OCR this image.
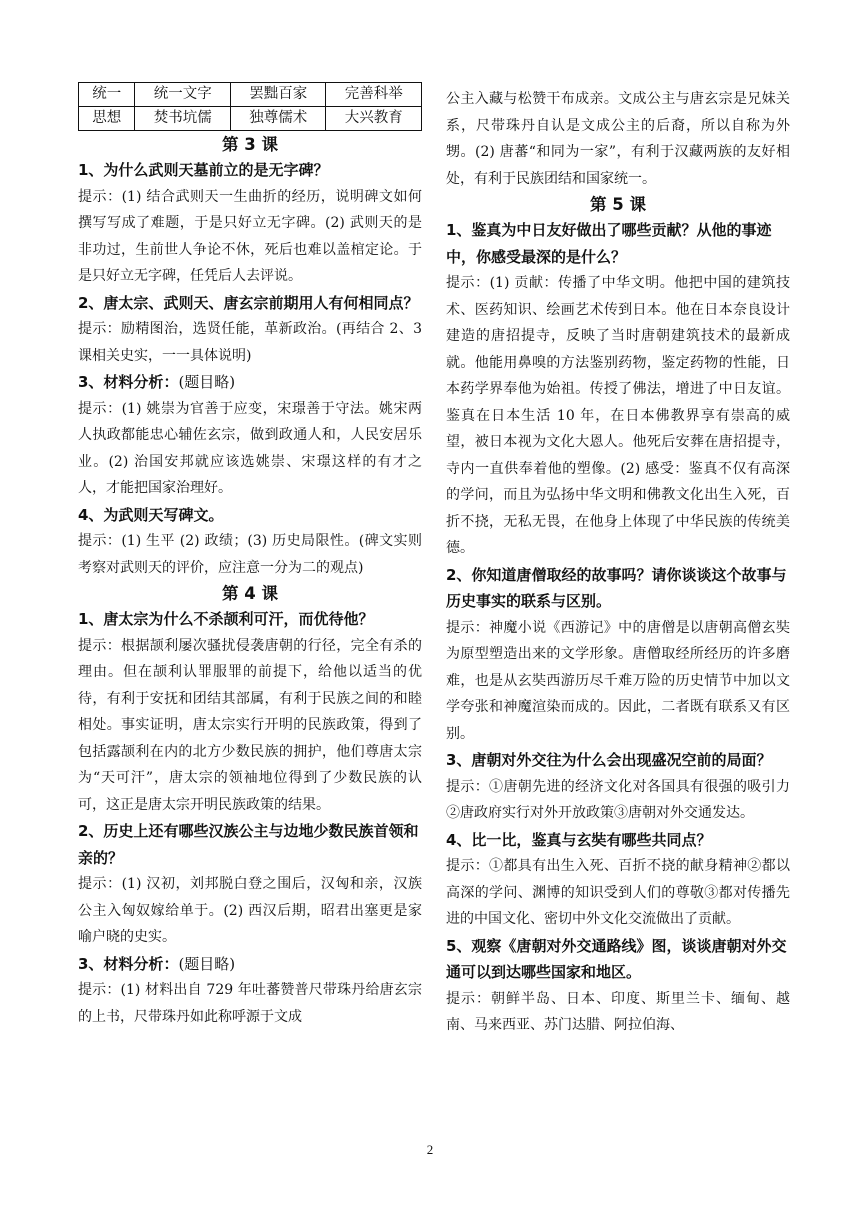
统一	统一文字	罢黜百家	完善科举
思想	焚书坑儒	独尊儒术	大兴教育
第 3 课

1、为什么武则天墓前立的是无字碑？

提示：(1) 结合武则天一生曲折的经历，说明碑文如何撰写写成了难题，于是只好立无字碑。(2) 武则天的是非功过，生前世人争论不休，死后也难以盖棺定论。于是只好立无字碑，任凭后人去评说。

2、唐太宗、武则天、唐玄宗前期用人有何相同点？

提示：励精图治，选贤任能，革新政治。(再结合 2、3 课相关史实，一一具体说明)

3、材料分析：(题目略)

提示：(1) 姚崇为官善于应变，宋璟善于守法。姚宋两人执政都能忠心辅佐玄宗，做到政通人和，人民安居乐业。(2) 治国安邦就应该选姚崇、宋璟这样的有才之人，才能把国家治理好。

4、为武则天写碑文。

提示：(1) 生平 (2) 政绩；(3) 历史局限性。(碑文实则考察对武则天的评价，应注意一分为二的观点)

第 4 课

1、唐太宗为什么不杀颉利可汗，而优待他？

提示：根据颉利屡次骚扰侵袭唐朝的行径，完全有杀的理由。但在颉利认罪服罪的前提下，给他以适当的优待，有利于安抚和团结其部属，有利于民族之间的和睦相处。事实证明，唐太宗实行开明的民族政策，得到了包括露颉利在内的北方少数民族的拥护，他们尊唐太宗为“天可汗”，唐太宗的领袖地位得到了少数民族的认可，这正是唐太宗开明民族政策的结果。

2、历史上还有哪些汉族公主与边地少数民族首领和亲的？

提示：(1) 汉初，刘邦脱白登之围后，汉匈和亲，汉族公主入匈奴嫁给单于。(2) 西汉后期，昭君出塞更是家喻户晓的史实。

3、材料分析：(题目略)

提示：(1) 材料出自 729 年吐蕃赞普尺带珠丹给唐玄宗的上书，尺带珠丹如此称呼源于文成

公主入藏与松赞干布成亲。文成公主与唐玄宗是兄妹关系，尺带珠丹自认是文成公主的后裔，所以自称为外甥。(2) 唐蕃“和同为一家”，有利于汉藏两族的友好相处，有利于民族团结和国家统一。

第 5 课

1、鉴真为中日友好做出了哪些贡献？从他的事迹中，你感受最深的是什么？

提示：(1) 贡献：传播了中华文明。他把中国的建筑技术、医药知识、绘画艺术传到日本。他在日本奈良设计建造的唐招提寺，反映了当时唐朝建筑技术的最新成就。他能用鼻嗅的方法鉴别药物，鉴定药物的性能，日本药学界奉他为始祖。传授了佛法，增进了中日友谊。鉴真在日本生活 10 年，在日本佛教界享有崇高的威望，被日本视为文化大恩人。他死后安葬在唐招提寺，寺内一直供奉着他的塑像。(2) 感受：鉴真不仅有高深的学问，而且为弘扬中华文明和佛教文化出生入死，百折不挠，无私无畏，在他身上体现了中华民族的传统美德。

2、你知道唐僧取经的故事吗？请你谈谈这个故事与历史事实的联系与区别。

提示：神魔小说《西游记》中的唐僧是以唐朝高僧玄奘为原型塑造出来的文学形象。唐僧取经所经历的许多磨难，也是从玄奘西游历尽千难万险的历史情节中加以文学夸张和神魔渲染而成的。因此，二者既有联系又有区别。

3、唐朝对外交往为什么会出现盛况空前的局面？

提示：①唐朝先进的经济文化对各国具有很强的吸引力②唐政府实行对外开放政策③唐朝对外交通发达。

4、比一比，鉴真与玄奘有哪些共同点？

提示：①都具有出生入死、百折不挠的献身精神②都以高深的学问、渊博的知识受到人们的尊敬③都对传播先进的中国文化、密切中外文化交流做出了贡献。

5、观察《唐朝对外交通路线》图，谈谈唐朝对外交通可以到达哪些国家和地区。

提示：朝鲜半岛、日本、印度、斯里兰卡、缅甸、越南、马来西亚、苏门达腊、阿拉伯海、

2
